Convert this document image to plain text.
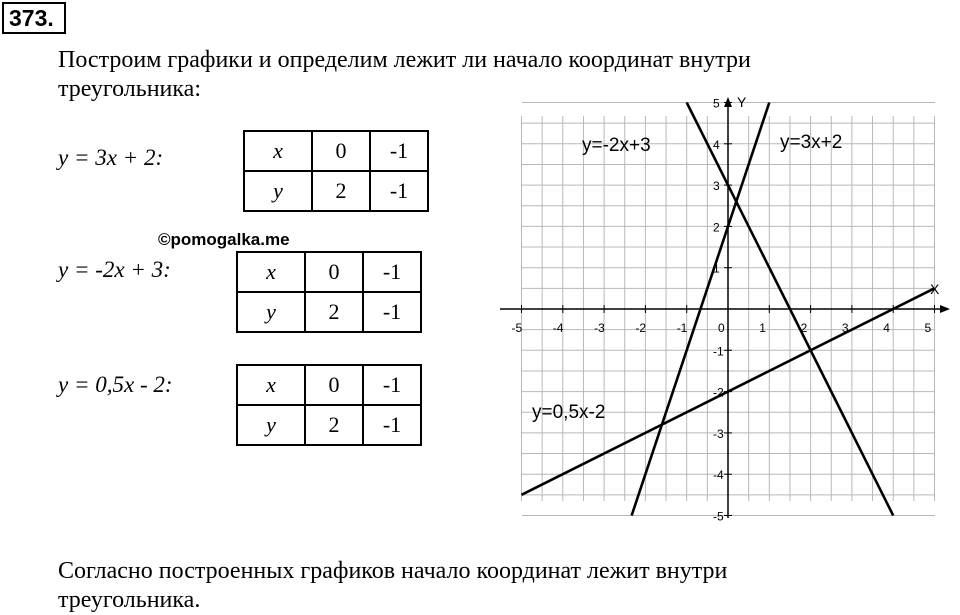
373.

Построим графики и определим лежит ли начало координат внутри треугольника:

y = 3x + 2:	x	0	-1
y	2	-1
©pomogalka.me
y = -2x + 3:	x	0	-1
y	2	-1
y = 0,5x - 2:	x	0	-1
y	2	-1
-5	-4	-3	-2	-1	0	1	2	3	4	5
-5
-4
-3
-2
-1
1
2
3
4
5
X
Y
y=3x+2
y=-2x+3
y=0,5x-2

Согласно построенных графиков начало координат лежит внутри треугольника.
